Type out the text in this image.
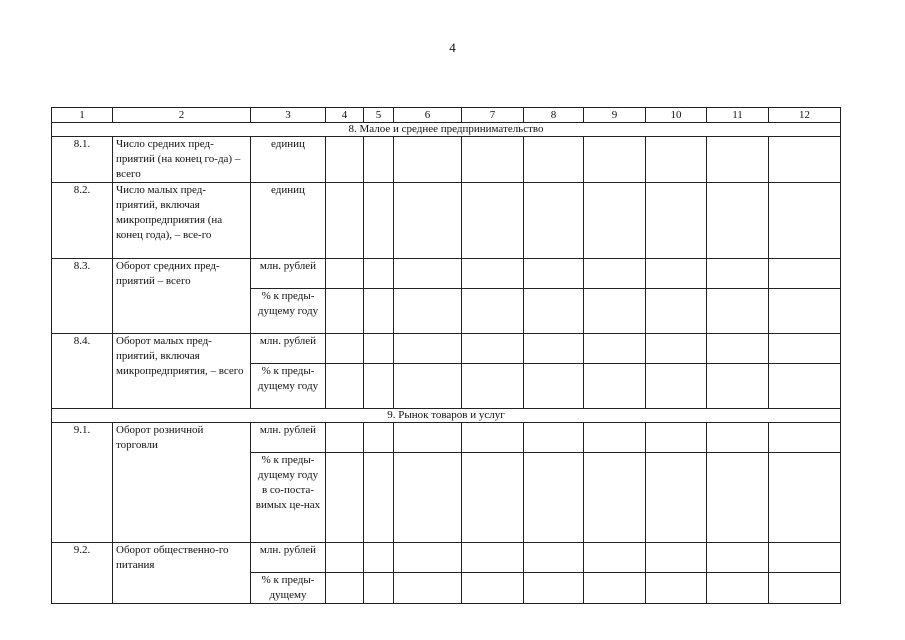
4
1	2	3	4	5	6	7	8	9	10	11	12
8. Малое и среднее предпринимательство											
8.1.	Число средних пред-приятий (на конец го-да) – всего	единиц									
8.2.	Число малых пред-приятий, включая микропредприятия (на конец года), – все-го	единиц									
8.3.	Оборот средних пред-приятий – всего	млн. рублей									
		% к преды-дущему году									
8.4.	Оборот малых пред-приятий, включая микропредприятия, – всего	млн. рублей									
		% к преды-дущему году									
9. Рынок товаров и услуг											
9.1.	Оборот розничной торговли	млн. рублей									
		% к преды-дущему году в со-поста-вимых це-нах									
9.2.	Оборот общественно-го питания	млн. рублей									
		% к преды-дущему									
